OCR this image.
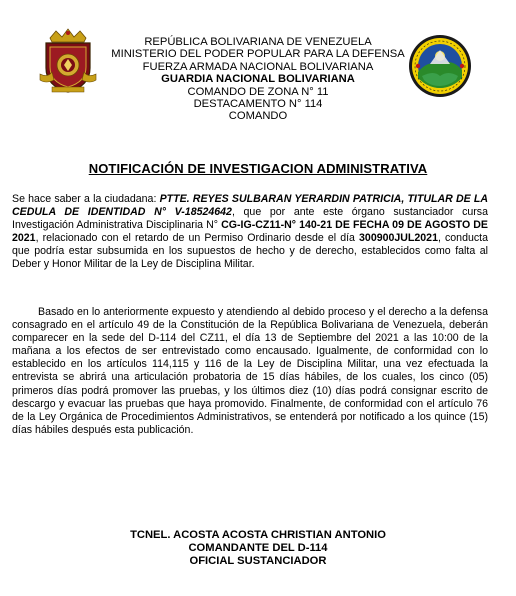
REPÚBLICA BOLIVARIANA DE VENEZUELA
MINISTERIO DEL PODER POPULAR PARA LA DEFENSA
FUERZA ARMADA NACIONAL BOLIVARIANA
GUARDIA NACIONAL BOLIVARIANA
COMANDO DE ZONA N° 11
DESTACAMENTO N° 114
COMANDO
NOTIFICACIÓN DE INVESTIGACION ADMINISTRATIVA
Se hace saber a la ciudadana: PTTE. REYES SULBARAN YERARDIN PATRICIA, TITULAR DE LA CEDULA DE IDENTIDAD N° V-18524642, que por ante este órgano sustanciador cursa Investigación Administrativa Disciplinaria N° CG-IG-CZ11-N° 140-21 DE FECHA 09 DE AGOSTO DE 2021, relacionado con el retardo de un Permiso Ordinario desde el día 300900JUL2021, conducta que podría estar subsumida en los supuestos de hecho y de derecho, establecidos como falta al Deber y Honor Militar de la Ley de Disciplina Militar.
Basado en lo anteriormente expuesto y atendiendo al debido proceso y el derecho a la defensa consagrado en el artículo 49 de la Constitución de la República Bolivariana de Venezuela, deberán comparecer en la sede del D-114 del CZ11, el día 13 de Septiembre del 2021 a las 10:00 de la mañana a los efectos de ser entrevistado como encausado. Igualmente, de conformidad con lo establecido en los artículos 114,115 y 116 de la Ley de Disciplina Militar, una vez efectuada la entrevista se abrirá una articulación probatoria de 15 días hábiles, de los cuales, los cinco (05) primeros días podrá promover las pruebas, y los últimos diez (10) días podrá consignar escrito de descargo y evacuar las pruebas que haya promovido. Finalmente, de conformidad con el artículo 76 de la Ley Orgánica de Procedimientos Administrativos, se entenderá por notificado a los quince (15) días hábiles después esta publicación.
TCNEL. ACOSTA ACOSTA CHRISTIAN ANTONIO
COMANDANTE DEL D-114
OFICIAL SUSTANCIADOR
